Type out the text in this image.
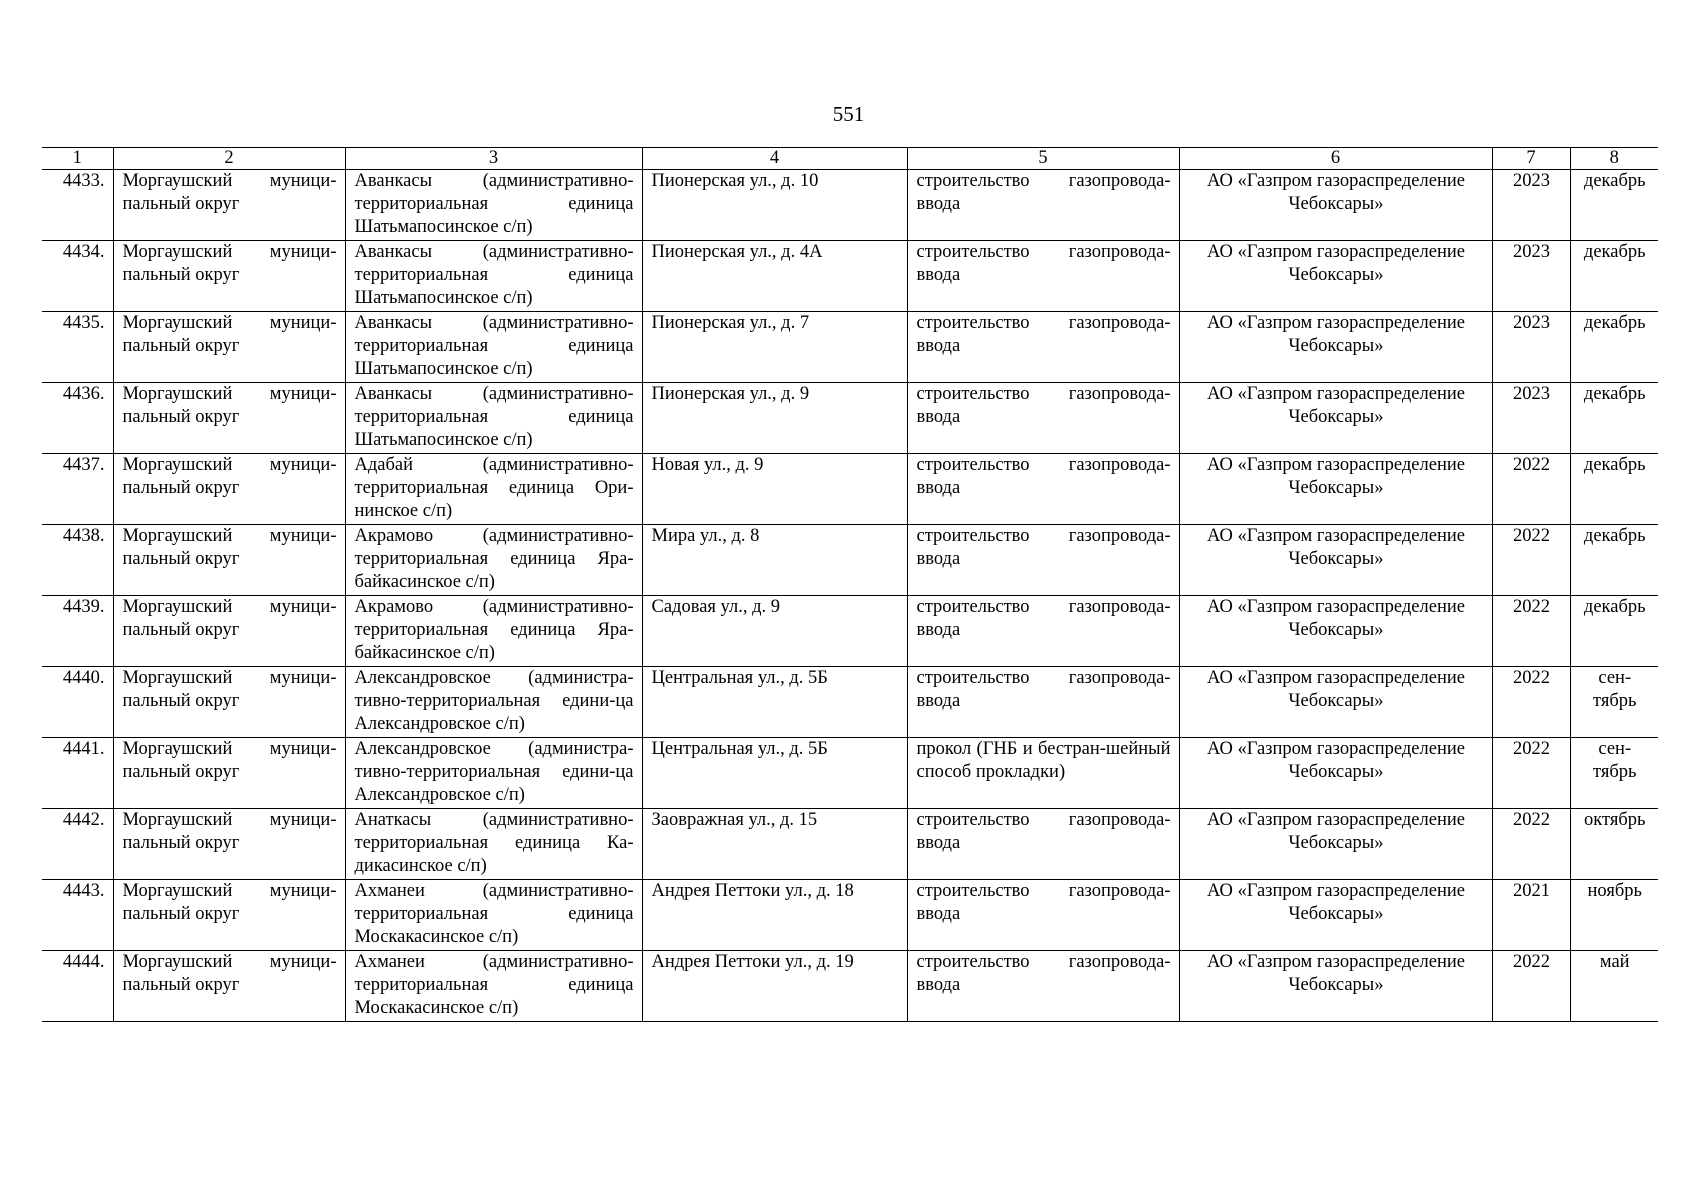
551
1	2	3	4	5	6	7	8
4433.	Моргаушский муници-пальный округ	Аванкасы (административно-территориальная единица Шатьмапосинское с/п)	Пионерская ул., д. 10	строительство газопровода-ввода	АО «Газпром газораспределение Чебоксары»	2023	декабрь
4434.	Моргаушский муници-пальный округ	Аванкасы (административно-территориальная единица Шатьмапосинское с/п)	Пионерская ул., д. 4А	строительство газопровода-ввода	АО «Газпром газораспределение Чебоксары»	2023	декабрь
4435.	Моргаушский муници-пальный округ	Аванкасы (административно-территориальная единица Шатьмапосинское с/п)	Пионерская ул., д. 7	строительство газопровода-ввода	АО «Газпром газораспределение Чебоксары»	2023	декабрь
4436.	Моргаушский муници-пальный округ	Аванкасы (административно-территориальная единица Шатьмапосинское с/п)	Пионерская ул., д. 9	строительство газопровода-ввода	АО «Газпром газораспределение Чебоксары»	2023	декабрь
4437.	Моргаушский муници-пальный округ	Адабай (административно-территориальная единица Ори-нинское с/п)	Новая ул., д. 9	строительство газопровода-ввода	АО «Газпром газораспределение Чебоксары»	2022	декабрь
4438.	Моргаушский муници-пальный округ	Акрамово (административно-территориальная единица Яра-байкасинское с/п)	Мира ул., д. 8	строительство газопровода-ввода	АО «Газпром газораспределение Чебоксары»	2022	декабрь
4439.	Моргаушский муници-пальный округ	Акрамово (административно-территориальная единица Яра-байкасинское с/п)	Садовая ул., д. 9	строительство газопровода-ввода	АО «Газпром газораспределение Чебоксары»	2022	декабрь
4440.	Моргаушский муници-пальный округ	Александровское (администра-тивно-территориальная едини-ца Александровское с/п)	Центральная ул., д. 5Б	строительство газопровода-ввода	АО «Газпром газораспределение Чебоксары»	2022	сен-тябрь
4441.	Моргаушский муници-пальный округ	Александровское (администра-тивно-территориальная едини-ца Александровское с/п)	Центральная ул., д. 5Б	прокол (ГНБ и бестран-шейный способ прокладки)	АО «Газпром газораспределение Чебоксары»	2022	сен-тябрь
4442.	Моргаушский муници-пальный округ	Анаткасы (административно-территориальная единица Ка-дикасинское с/п)	Заовражная ул., д. 15	строительство газопровода-ввода	АО «Газпром газораспределение Чебоксары»	2022	октябрь
4443.	Моргаушский муници-пальный округ	Ахманеи (административно-территориальная единица Москакасинское с/п)	Андрея Петтоки ул., д. 18	строительство газопровода-ввода	АО «Газпром газораспределение Чебоксары»	2021	ноябрь
4444.	Моргаушский муници-пальный округ	Ахманеи (административно-территориальная единица Москакасинское с/п)	Андрея Петтоки ул., д. 19	строительство газопровода-ввода	АО «Газпром газораспределение Чебоксары»	2022	май
